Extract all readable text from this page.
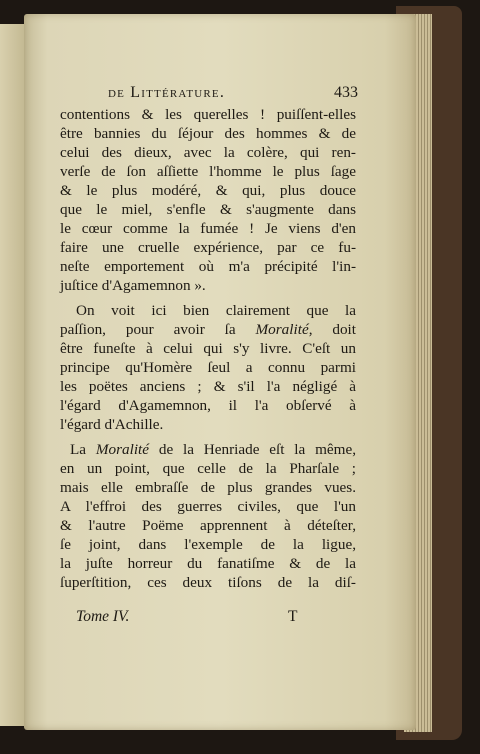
de Littérature.	433
contentions & les querelles ! puiſſent-elles
être bannies du ſéjour des hommes & de
celui des dieux, avec la colère, qui ren-
verſe de ſon aſſiette l'homme le plus ſage
& le plus modéré, & qui, plus douce
que le miel, s'enfle & s'augmente dans
le cœur comme la fumée ! Je viens d'en
faire une cruelle expérience, par ce fu-
neſte emportement où m'a précipité l'in-
juſtice d'Agamemnon ».
On voit ici bien clairement que la
paſſion, pour avoir ſa Moralité, doit
être funeſte à celui qui s'y livre. C'eſt un
principe qu'Homère ſeul a connu parmi
les poëtes anciens ; & s'il l'a négligé à
l'égard d'Agamemnon, il l'a obſervé à
l'égard d'Achille.
La Moralité de la Henriade eſt la même,
en un point, que celle de la Pharſale ;
mais elle embraſſe de plus grandes vues.
A l'effroi des guerres civiles, que l'un
& l'autre Poëme apprennent à déteſter,
ſe joint, dans l'exemple de la ligue,
la juſte horreur du fanatiſme & de la
ſuperſtition, ces deux tiſons de la diſ-
Tome IV.	T
